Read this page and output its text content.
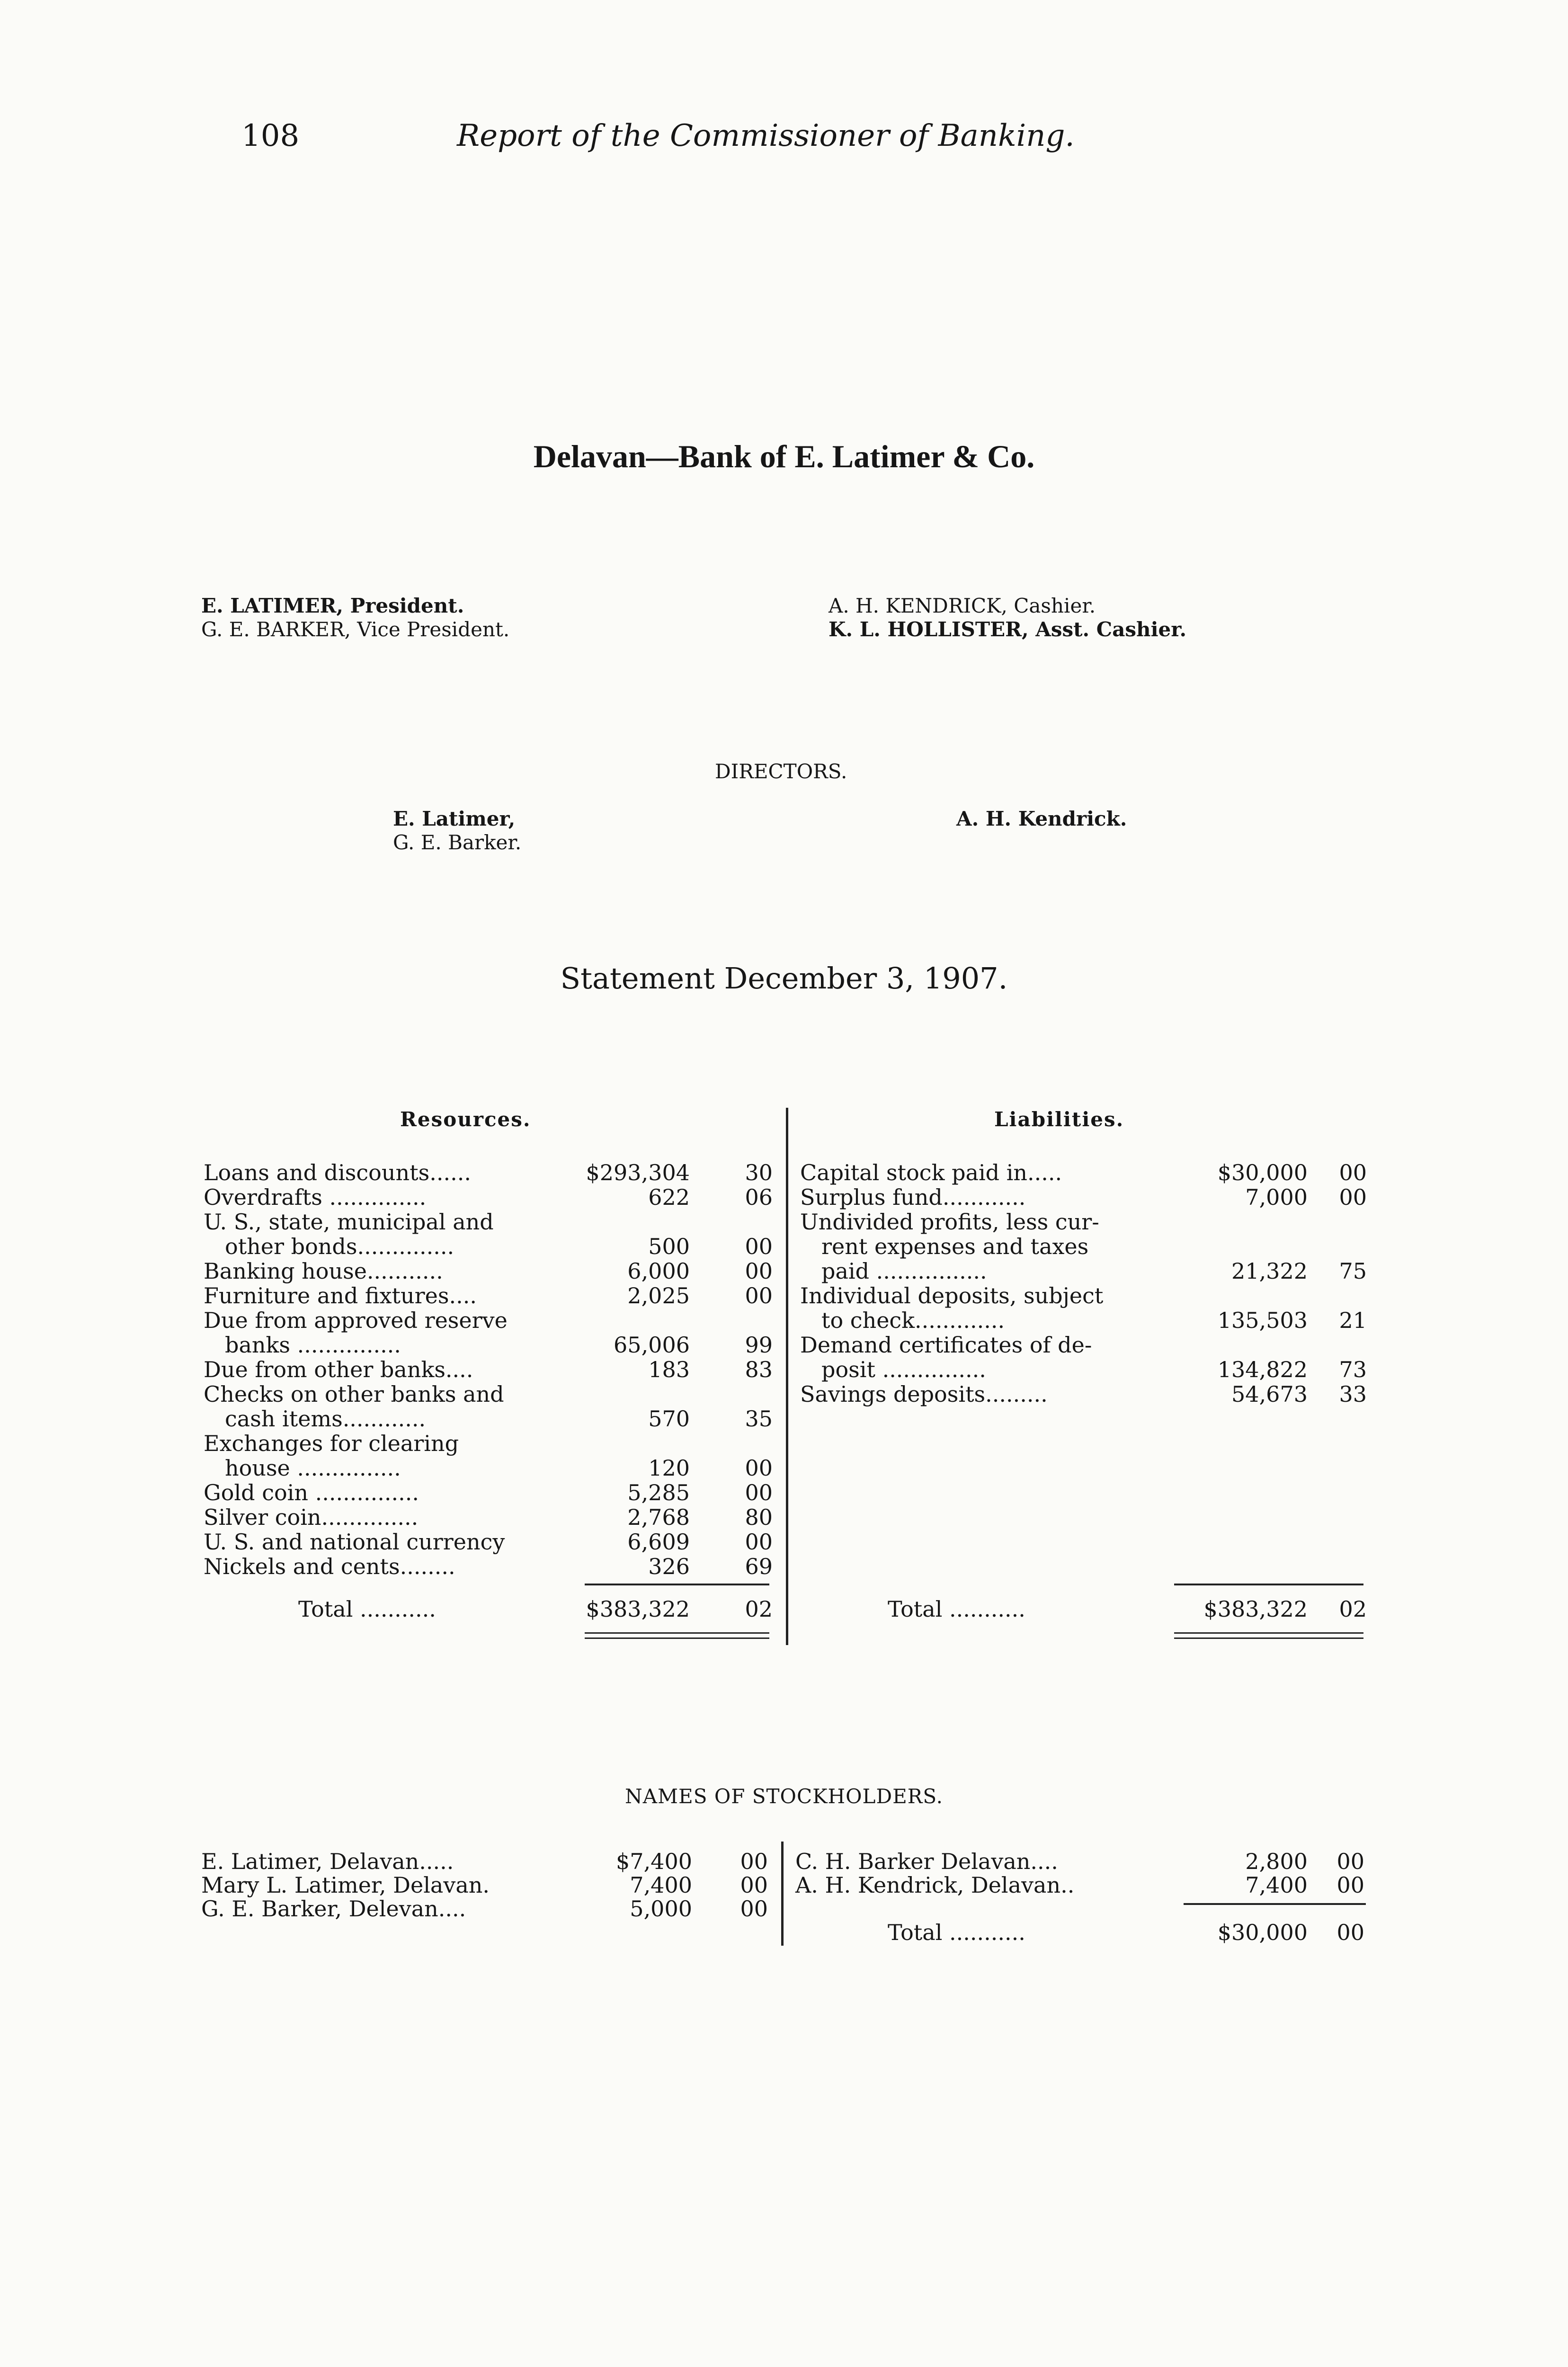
108	Report of the Commissioner of Banking.
Delavan—Bank of E. Latimer & Co.
E. LATIMER, President.
G. E. BARKER, Vice President.
A. H. KENDRICK, Cashier.
K. L. HOLLISTER, Asst. Cashier.
DIRECTORS.
E. Latimer,
G. E. Barker.
A. H. Kendrick.
Statement December 3, 1907.
Resources.	Liabilities.
Loans and discounts......	$293,304	30
Overdrafts ..............	622	06
U. S., state, municipal and
other bonds..............	500	00
Banking house...........	6,000	00
Furniture and fixtures....	2,025	00
Due from approved reserve
banks ...............	65,006	99
Due from other banks....	183	83
Checks on other banks and
cash items............	570	35
Exchanges for clearing
house ...............	120	00
Gold coin ...............	5,285	00
Silver coin..............	2,768	80
U. S. and national currency	6,609	00
Nickels and cents........	326	69
Total ...........	$383,322	02
Capital stock paid in.....	$30,000 00
Surplus fund............	7,000 00
Undivided profits, less cur-
rent expenses and taxes
paid ................	21,322 75
Individual deposits, subject
to check.............	135,503 21
Demand certificates of de-
posit ...............	134,822 73
Savings deposits.........	54,673 33
Total ...........	$383,322 02
NAMES OF STOCKHOLDERS.
E. Latimer, Delavan.....	$7,400 00
Mary L. Latimer, Delavan.	7,400 00
G. E. Barker, Delevan....	5,000 00
C. H. Barker Delavan....	2,800 00
A. H. Kendrick, Delavan..	7,400 00
Total ...........	$30,000 00
